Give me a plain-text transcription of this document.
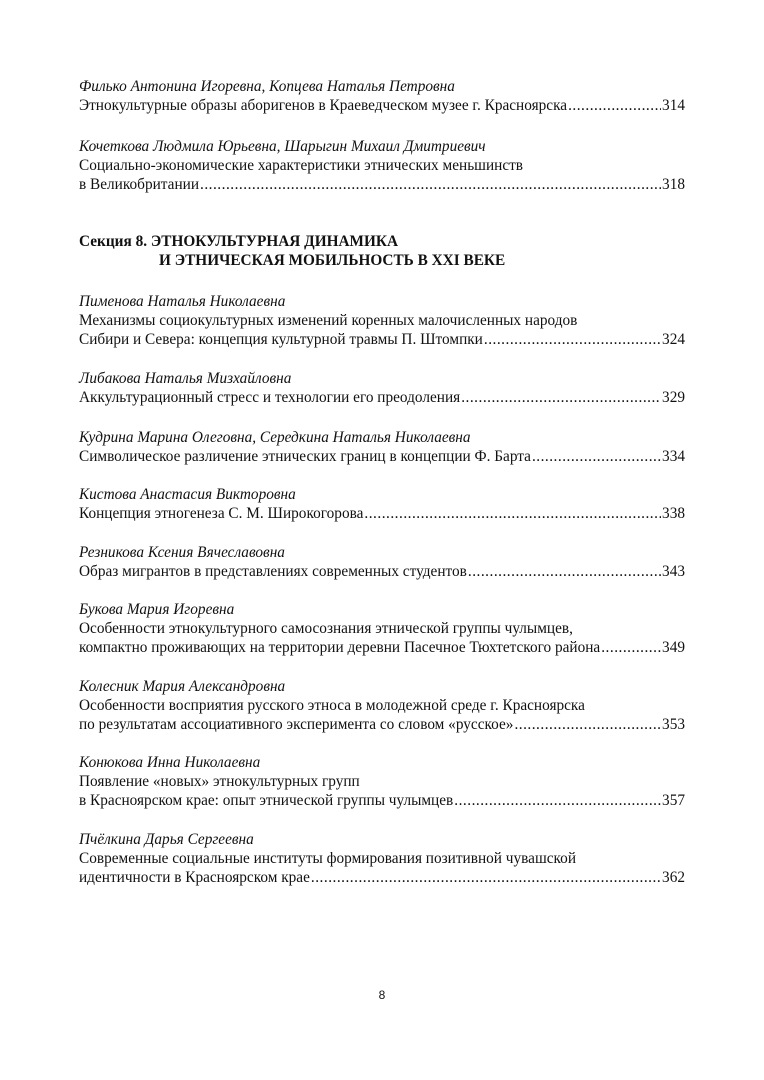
Филько Антонина Игоревна, Копцева Наталья Петровна
Этнокультурные образы аборигенов в Краеведческом музее г. Красноярска .....	314
Кочеткова Людмила Юрьевна, Шарыгин Михаил Дмитриевич
Социально-экономические характеристики этнических меньшинств
в Великобритании .....	318
Секция 8. ЭТНОКУЛЬТУРНАЯ ДИНАМИКА
И ЭТНИЧЕСКАЯ МОБИЛЬНОСТЬ В XXI ВЕКЕ
Пименова Наталья Николаевна
Механизмы социокультурных изменений коренных малочисленных народов
Сибири и Севера: концепция культурной травмы П. Штомпки .....	324
Либакова Наталья Мизхайловна
Аккультурационный стресс и технологии его преодоления .....	329
Кудрина Марина Олеговна, Середкина Наталья Николаевна
Символическое различение этнических границ в концепции Ф. Барта .....	334
Кистова Анастасия Викторовна
Концепция этногенеза С. М. Широкогорова .....	338
Резникова Ксения Вячеславовна
Образ мигрантов в представлениях современных студентов .....	343
Букова Мария Игоревна
Особенности этнокультурного самосознания этнической группы чулымцев,
компактно проживающих на территории деревни Пасечное Тюхтетского района .....	349
Колесник Мария Александровна
Особенности восприятия русского этноса в молодежной среде г. Красноярска
по результатам ассоциативного эксперимента со словом «русское» .....	353
Конюкова Инна Николаевна
Появление «новых» этнокультурных групп
в Красноярском крае: опыт этнической группы чулымцев .....	357
Пчёлкина Дарья Сергеевна
Современные социальные институты формирования позитивной чувашской
идентичности в Красноярском крае .....	362
8
